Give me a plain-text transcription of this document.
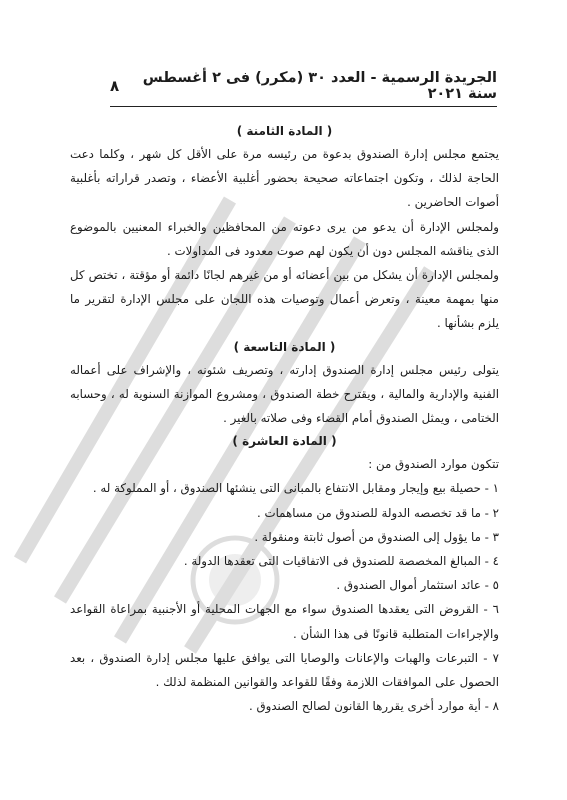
الجريدة الرسمية - العدد ٣٠ (مكرر) فى ٢ أغسطس سنة ٢٠٢١
٨
( المادة الثامنة )

يجتمع مجلس إدارة الصندوق بدعوة من رئيسه مرة على الأقل كل شهر ، وكلما دعت الحاجة لذلك ، وتكون اجتماعاته صحيحة بحضور أغلبية الأعضاء ، وتصدر قراراته بأغلبية أصوات الحاضرين .

ولمجلس الإدارة أن يدعو من يرى دعوته من المحافظين والخبراء المعنيين بالموضوع الذى يناقشه المجلس دون أن يكون لهم صوت معدود فى المداولات .

ولمجلس الإدارة أن يشكل من بين أعضائه أو من غيرهم لجانًا دائمة أو مؤقتة ، تختص كل منها بمهمة معينة ، وتعرض أعمال وتوصيات هذه اللجان على مجلس الإدارة لتقرير ما يلزم بشأنها .

( المادة التاسعة )

يتولى رئيس مجلس إدارة الصندوق إدارته ، وتصريف شئونه ، والإشراف على أعماله الفنية والإدارية والمالية ، ويقترح خطة الصندوق ، ومشروع الموازنة السنوية له ، وحسابه الختامى ، ويمثل الصندوق أمام القضاء وفى صلاته بالغير .

( المادة العاشرة )

تتكون موارد الصندوق من :

١ - حصيلة بيع وإيجار ومقابل الانتفاع بالمبانى التى ينشئها الصندوق ، أو المملوكة له .
٢ - ما قد تخصصه الدولة للصندوق من مساهمات .
٣ - ما يؤول إلى الصندوق من أصول ثابتة ومنقولة .
٤ - المبالغ المخصصة للصندوق فى الاتفاقيات التى تعقدها الدولة .
٥ - عائد استثمار أموال الصندوق .
٦ - القروض التى يعقدها الصندوق سواء مع الجهات المحلية أو الأجنبية بمراعاة القواعد والإجراءات المتطلبة قانونًا فى هذا الشأن .
٧ - التبرعات والهبات والإعانات والوصايا التى يوافق عليها مجلس إدارة الصندوق ، بعد الحصول على الموافقات اللازمة وفقًا للقواعد والقوانين المنظمة لذلك .
٨ - أية موارد أخرى يقررها القانون لصالح الصندوق .
